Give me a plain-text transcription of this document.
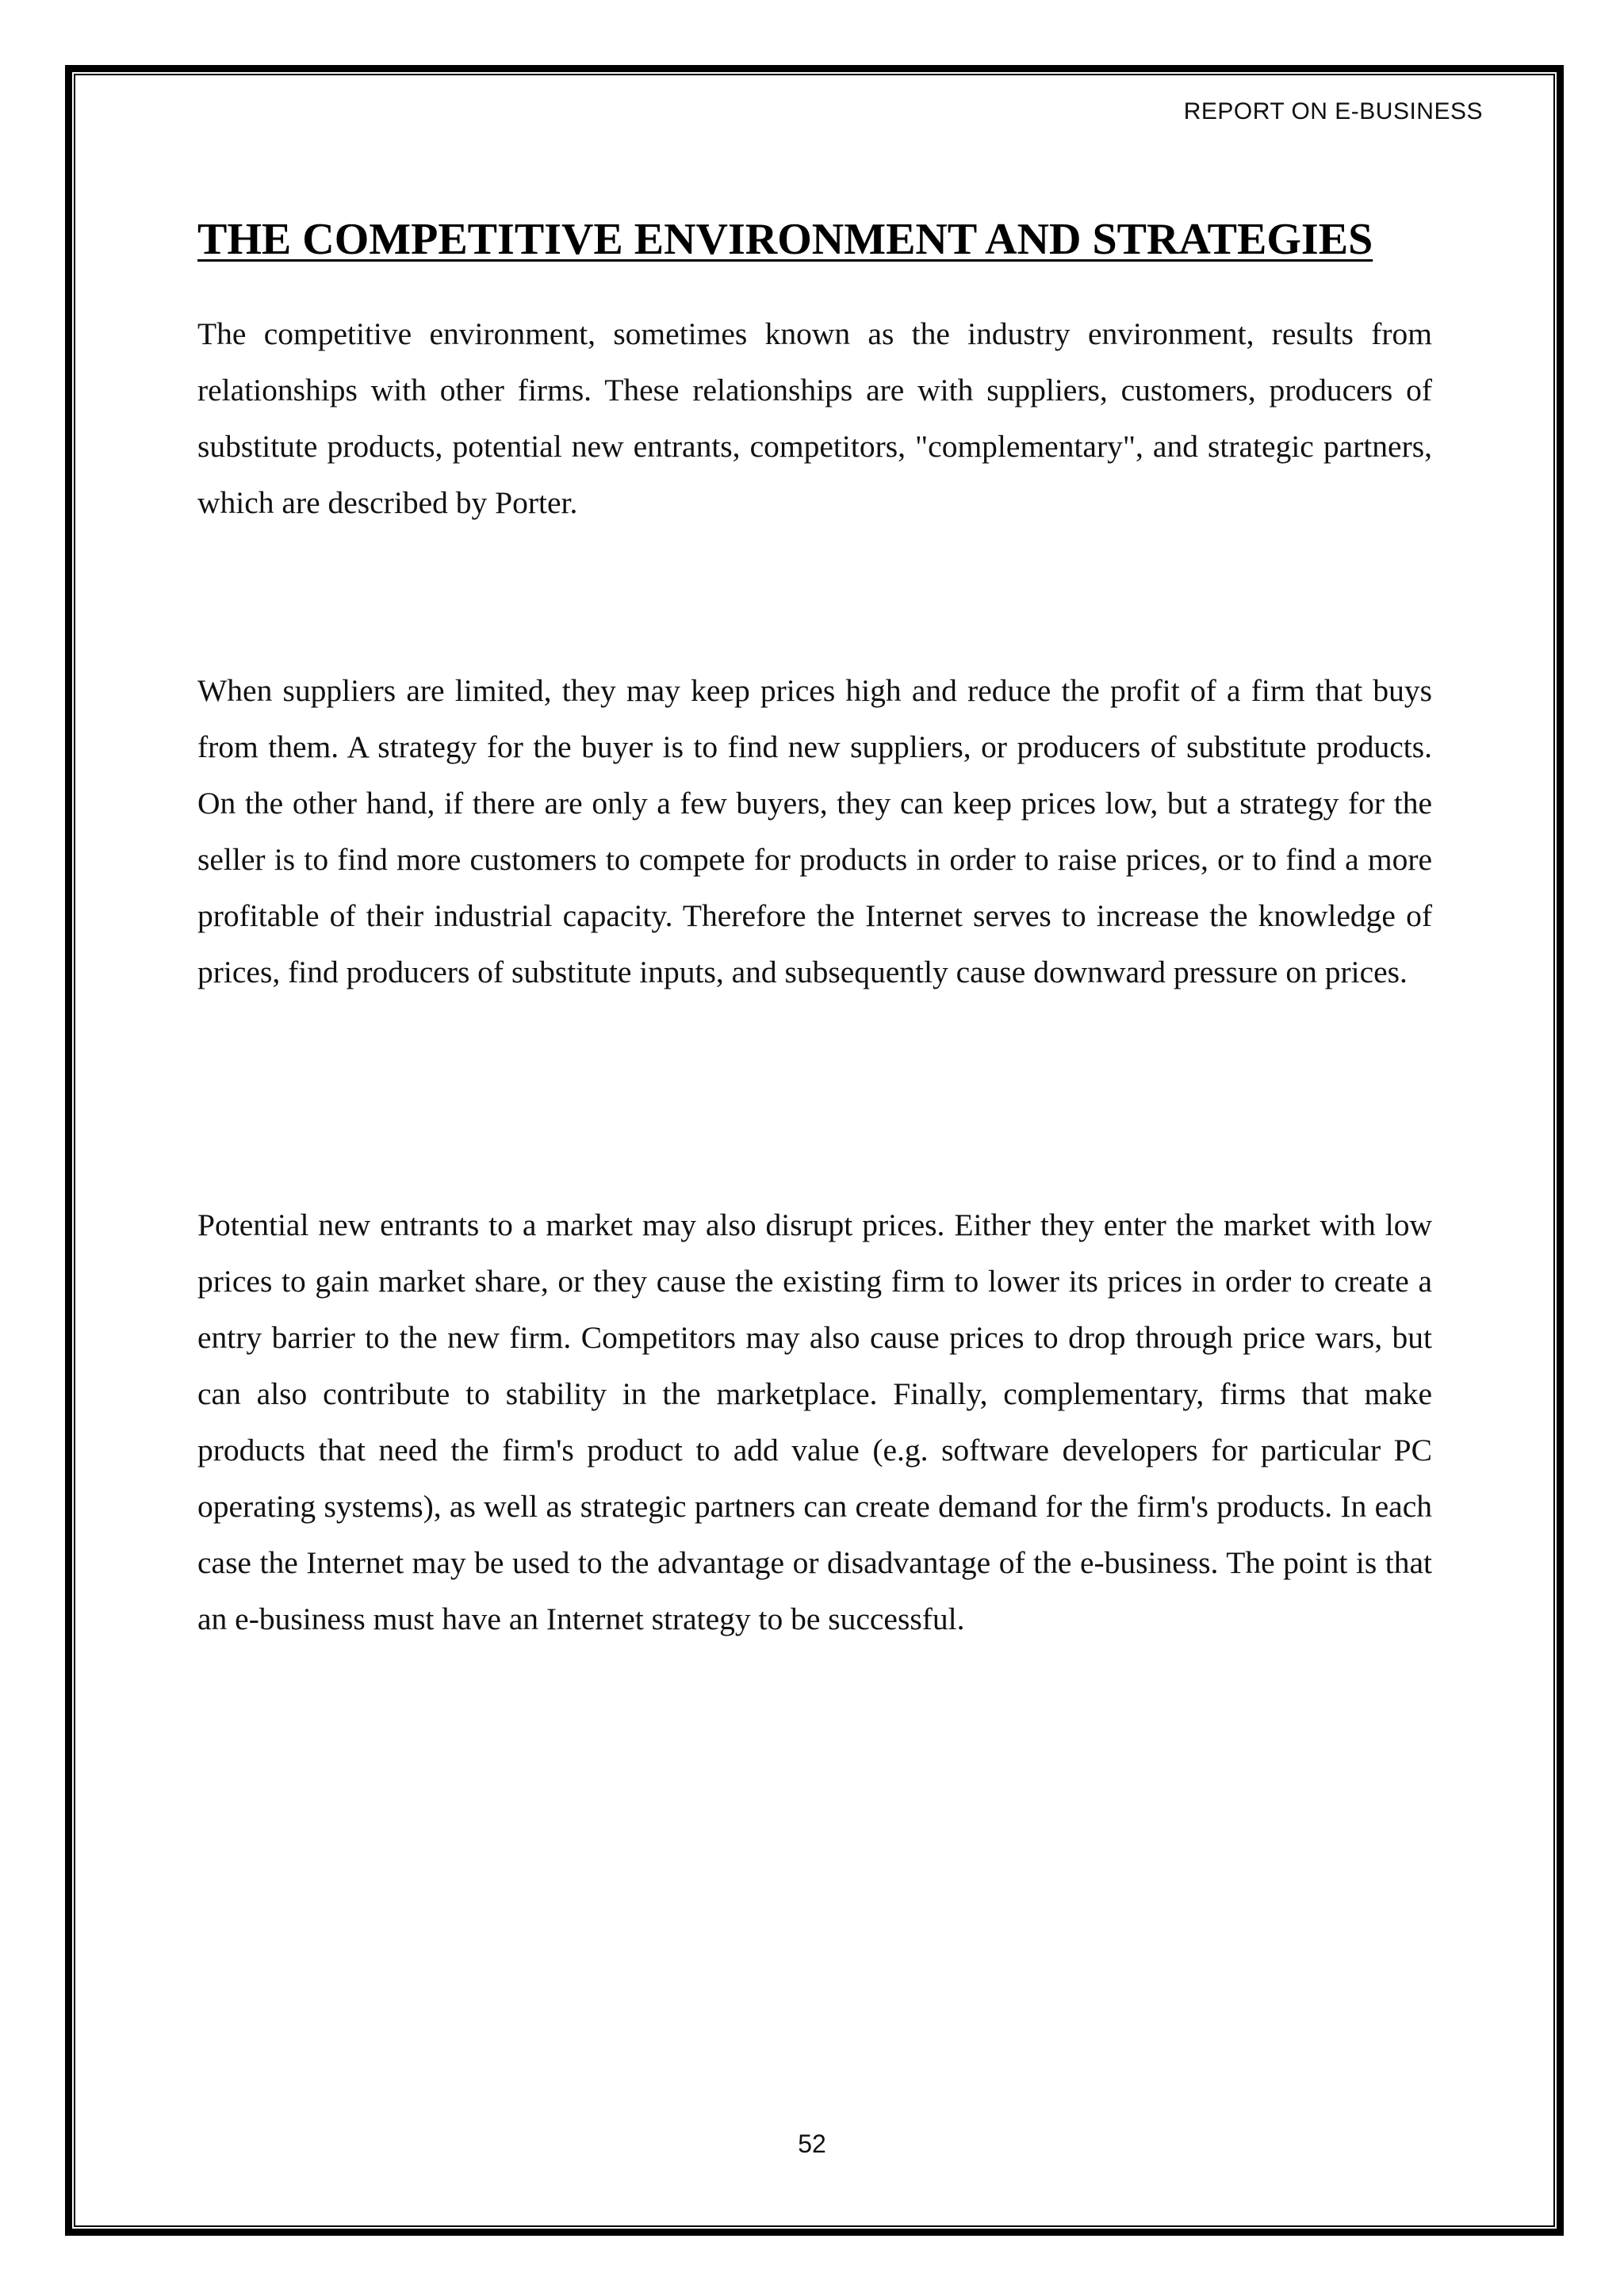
REPORT ON E-BUSINESS
THE COMPETITIVE ENVIRONMENT AND STRATEGIES

The competitive environment, sometimes known as the industry environment, results from relationships with other firms. These relationships are with suppliers, customers, producers of substitute products, potential new entrants, competitors, "complementary", and strategic partners, which are described by Porter.

When suppliers are limited, they may keep prices high and reduce the profit of a firm that buys from them. A strategy for the buyer is to find new suppliers, or producers of substitute products. On the other hand, if there are only a few buyers, they can keep prices low, but a strategy for the seller is to find more customers to compete for products in order to raise prices, or to find a more profitable of their industrial capacity. Therefore the Internet serves to increase the knowledge of prices, find producers of substitute inputs, and subsequently cause downward pressure on prices.

Potential new entrants to a market may also disrupt prices. Either they enter the market with low prices to gain market share, or they cause the existing firm to lower its prices in order to create a entry barrier to the new firm. Competitors may also cause prices to drop through price wars, but can also contribute to stability in the marketplace. Finally, complementary, firms that make products that need the firm's product to add value (e.g. software developers for particular PC operating systems), as well as strategic partners can create demand for the firm's products. In each case the Internet may be used to the advantage or disadvantage of the e-business. The point is that an e-business must have an Internet strategy to be successful.

52
